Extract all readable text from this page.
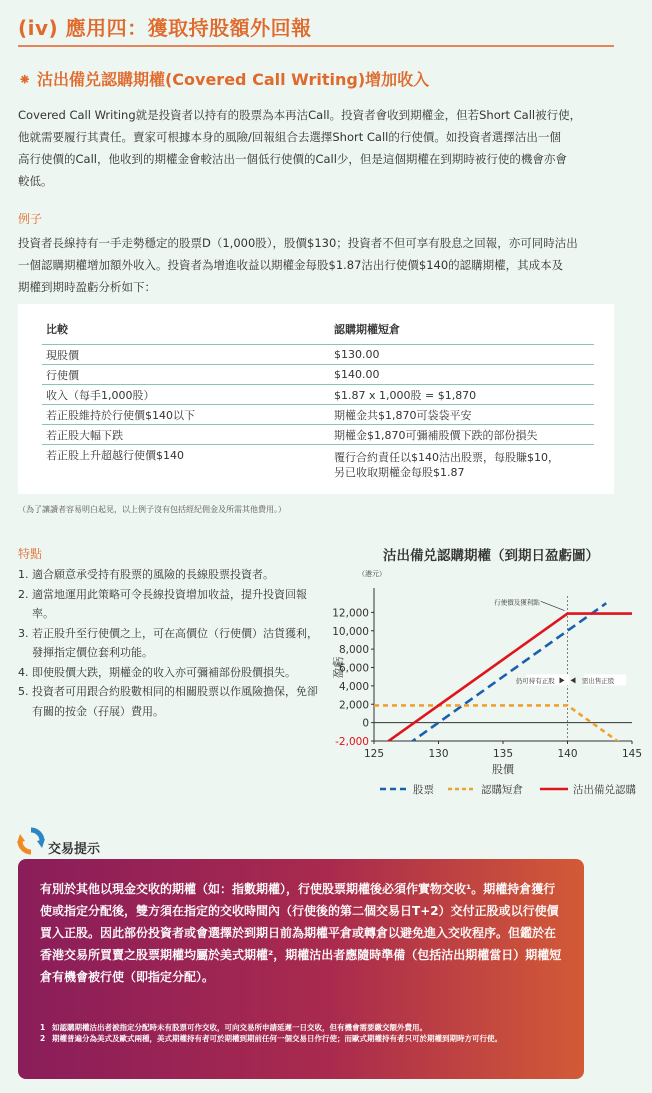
(iv) 應用四：獲取持股額外回報
⁕ 沽出備兑認購期權(Covered Call Writing)增加收入
Covered Call Writing就是投資者以持有的股票為本再沽Call。投資者會收到期權金，但若Short Call被行使，
他就需要履行其責任。賣家可根據本身的風險/回報組合去選擇Short Call的行使價。如投資者選擇沽出一個
高行使價的Call，他收到的期權金會較沽出一個低行使價的Call少，但是這個期權在到期時被行使的機會亦會
較低。
例子
投資者長線持有一手走勢穩定的股票D（1,000股），股價$130；投資者不但可享有股息之回報，亦可同時沽出
一個認購期權增加額外收入。投資者為增進收益以期權金每股$1.87沽出行使價$140的認購期權，其成本及
期權到期時盈虧分析如下：
比較	認購期權短倉
現股價	$130.00
行使價	$140.00
收入（每手1,000股）	$1.87 x 1,000股 = $1,870
若正股維持於行使價$140以下	期權金共$1,870可袋袋平安
若正股大幅下跌	期權金$1,870可彌補股價下跌的部份損失
若正股上升超越行使價$140	覆行合約責任以$140沽出股票，每股賺$10，
另已收取期權金每股$1.87
（為了讓讀者容易明白起見，以上例子沒有包括經紀佣金及所需其他費用。）
特點
1. 適合願意承受持有股票的風險的長線股票投資者。
2. 適當地運用此策略可令長線投資增加收益，提升投資回報率。
3. 若正股升至行使價之上，可在高價位（行使價）沽貨獲利，發揮指定價位套利功能。
4. 即使股價大跌，期權金的收入亦可彌補部份股價損失。
5. 投資者可用跟合約股數相同的相關股票以作風險擔保，免卻有關的按金（孖展）費用。
沽出備兑認購期權（到期日盈虧圖）
-2,000
0
2,000
4,000
6,000
8,000
10,000
12,000
125	130	135	140	145
（港元）
盈虧
股價
行使價及獲利點
仍可持有正股	需出售正股
股票	認購短倉	沽出備兑認購
交易提示
有別於其他以現金交收的期權（如：指數期權），行使股票期權後必須作實物交收¹。期權持倉獲行使或指定分配後，雙方須在指定的交收時間內（行使後的第二個交易日T+2）交付正股或以行使價買入正股。因此部份投資者或會選擇於到期日前為期權平倉或轉倉以避免進入交收程序。但鑑於在香港交易所買賣之股票期權均屬於美式期權²，期權沽出者應隨時準備（包括沽出期權當日）期權短倉有機會被行使（即指定分配）。
1 如認購期權沽出者被指定分配時未有股票可作交收，可向交易所申請延遲一日交收，但有機會需要繳交額外費用。
2 期權普遍分為美式及歐式兩種，美式期權持有者可於期權到期前任何一個交易日作行使；而歐式期權持有者只可於期權到期時方可行使。
